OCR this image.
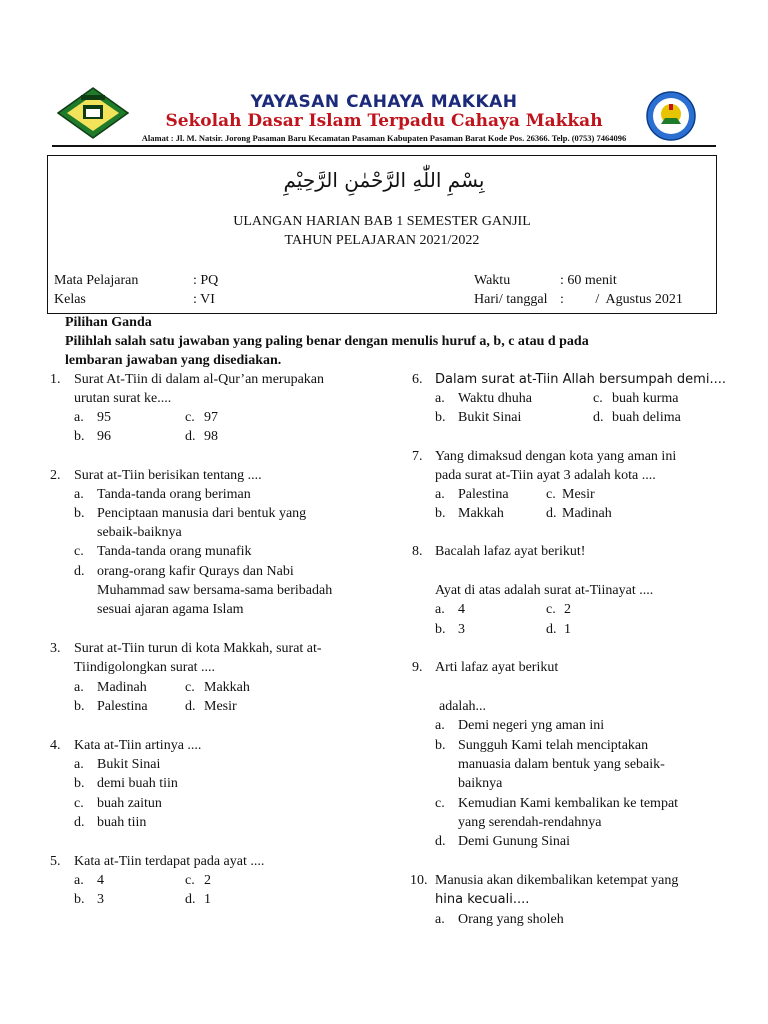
YAYASAN CAHAYA MAKKAH
Sekolah Dasar Islam Terpadu Cahaya Makkah
Alamat : Jl. M. Natsir. Jorong Pasaman Baru Kecamatan Pasaman Kabupaten Pasaman Barat Kode Pos. 26366. Telp. (0753) 7464096
بِسْمِ اللّٰهِ الرَّحْمٰنِ الرَّحِيْمِ
ULANGAN HARIAN BAB 1 SEMESTER GANJIL
TAHUN PELAJARAN 2021/2022
Mata Pelajaran	: PQ
Kelas	: VI
Waktu	: 60 menit
Hari/ tanggal :         /  Agustus 2021
Pilihan Ganda
Pilihlah salah satu jawaban yang paling benar dengan menulis huruf a, b, c atau d pada
lembaran jawaban yang disediakan.
1. Surat At-Tiin di dalam al-Qur’an merupakan
urutan surat ke....
a. 95	c. 97
b. 96	d. 98
2. Surat at-Tiin berisikan tentang ....
a. Tanda-tanda orang beriman
b. Penciptaan manusia dari bentuk yang
sebaik-baiknya
c. Tanda-tanda orang munafik
d. orang-orang kafir Qurays dan Nabi
Muhammad saw bersama-sama beribadah
sesuai ajaran agama Islam
3. Surat at-Tiin turun di kota Makkah, surat at-
Tiindigolongkan surat ....
a. Madinah	c. Makkah
b. Palestina	d. Mesir
4. Kata at-Tiin artinya ....
a. Bukit Sinai
b. demi buah tiin
c. buah zaitun
d. buah tiin
5. Kata at-Tiin terdapat pada ayat ....
a. 4	c. 2
b. 3	d. 1
6. Dalam surat at-Tiin Allah bersumpah demi....
a. Waktu dhuha	c. buah kurma
b. Bukit Sinai	d. buah delima
7. Yang dimaksud dengan kota yang aman ini
pada surat at-Tiin ayat 3 adalah kota ....
a. Palestina	c. Mesir
b. Makkah	d. Madinah
8. Bacalah lafaz ayat berikut!
Ayat di atas adalah surat at-Tiinayat ....
a. 4	c. 2
b. 3	d. 1
9. Arti lafaz ayat berikut
adalah...
a. Demi negeri yng aman ini
b. Sungguh Kami telah menciptakan
manuasia dalam bentuk yang sebaik-
baiknya
c. Kemudian Kami kembalikan ke tempat
yang serendah-rendahnya
d. Demi Gunung Sinai
10. Manusia akan dikembalikan ketempat yang
hina kecuali....
a. Orang yang sholeh
